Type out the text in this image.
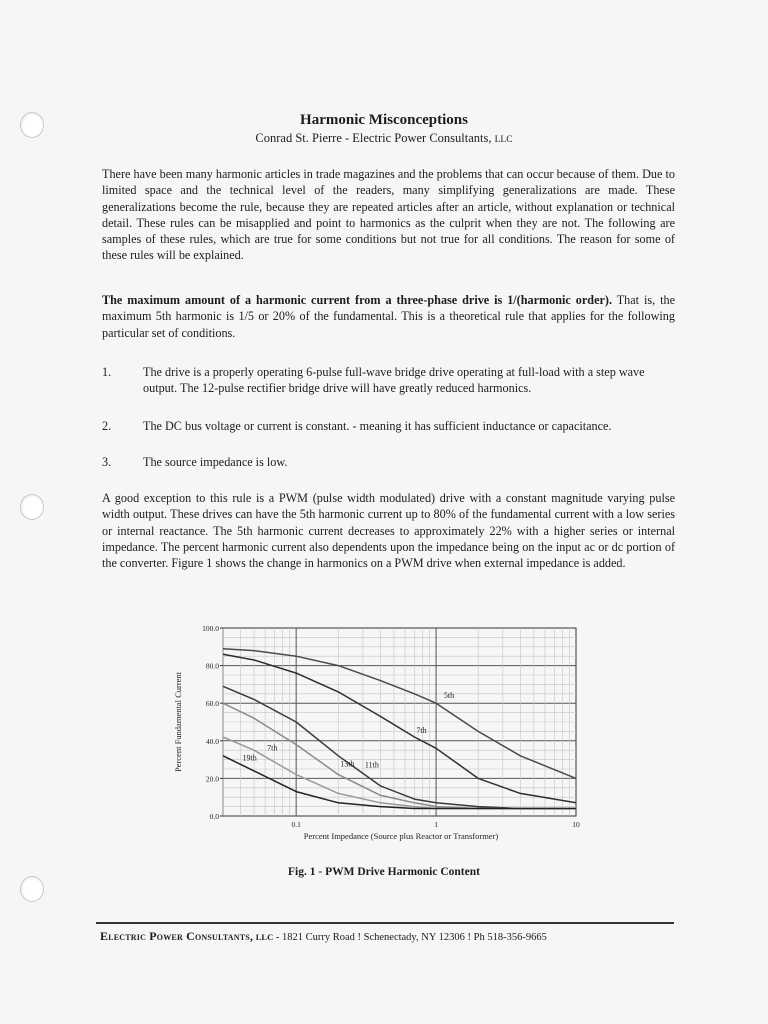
Harmonic Misconceptions
Conrad St. Pierre - Electric Power Consultants, LLC

There have been many harmonic articles in trade magazines and the problems that can occur because of them. Due to limited space and the technical level of the readers, many simplifying generalizations are made. These generalizations become the rule, because they are repeated articles after an article, without explanation or technical detail. These rules can be misapplied and point to harmonics as the culprit when they are not. The following are samples of these rules, which are true for some conditions but not true for all conditions. The reason for some of these rules will be explained.

The maximum amount of a harmonic current from a three-phase drive is 1/(harmonic order). That is, the maximum 5th harmonic is 1/5 or 20% of the fundamental. This is a theoretical rule that applies for the following particular set of conditions.

1.	The drive is a properly operating 6-pulse full-wave bridge drive operating at full-load with a step wave output. The 12-pulse rectifier bridge drive will have greatly reduced harmonics.
2.	The DC bus voltage or current is constant. - meaning it has sufficient inductance or capacitance.
3.	The source impedance is low.

A good exception to this rule is a PWM (pulse width modulated) drive with a constant magnitude varying pulse width output. These drives can have the 5th harmonic current up to 80% of the fundamental current with a low series or internal reactance. The 5th harmonic current decreases to approximately 22% with a higher series or internal impedance. The percent harmonic current also dependents upon the impedance being on the input ac or dc portion of the converter. Figure 1 shows the change in harmonics on a PWM drive when external impedance is added.

5th
7th
11th
13th
7th
19th
0.0
20.0
40.0
60.0
80.0
100.0
0.1	1	10
Percent Fundamental Current
Percent Impedance (Source plus Reactor or Transformer)
Fig. 1 - PWM Drive Harmonic Content
Electric Power Consultants, LLC - 1821 Curry Road ! Schenectady, NY 12306 ! Ph 518-356-9665
